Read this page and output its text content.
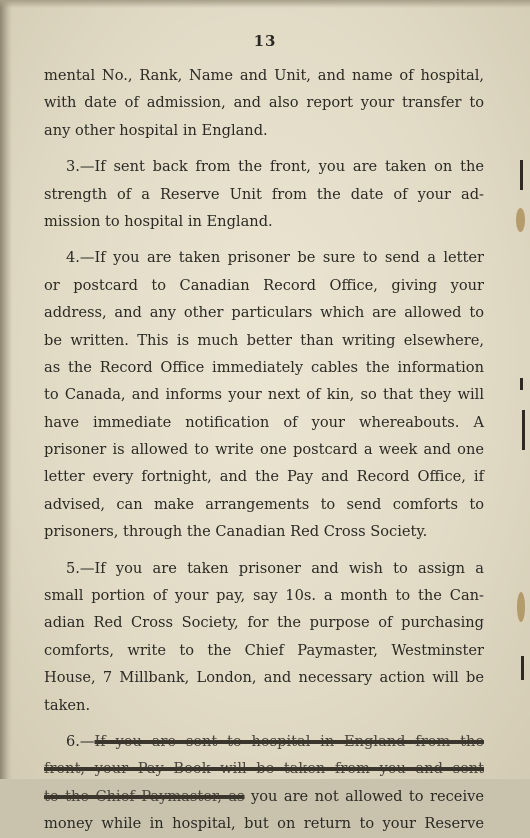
13
mental No., Rank, Name and Unit, and name of hospital,
with date of admission, and also report your transfer to
any other hospital in England.
3.—If sent back from the front, you are taken on the
strength of a Reserve Unit from the date of your ad-
mission to hospital in England.
4.—If you are taken prisoner be sure to send a letter
or postcard to Canadian Record Office, giving your
address, and any other particulars which are allowed to
be written. This is much better than writing elsewhere,
as the Record Office immediately cables the information
to Canada, and informs your next of kin, so that they will
have immediate notification of your whereabouts. A
prisoner is allowed to write one postcard a week and one
letter every fortnight, and the Pay and Record Office, if
advised, can make arrangements to send comforts to
prisoners, through the Canadian Red Cross Society.
5.—If you are taken prisoner and wish to assign a
small portion of your pay, say 10s. a month to the Can-
adian Red Cross Society, for the purpose of purchasing
comforts, write to the Chief Paymaster, Westminster
House, 7 Millbank, London, and necessary action will be
taken.
6.—If you are sent to hospital in England from the
front, your Pay Book will be taken from you and sent
to the Chief Paymaster, as you are not allowed to receive
money while in hospital, but on return to your Reserve
